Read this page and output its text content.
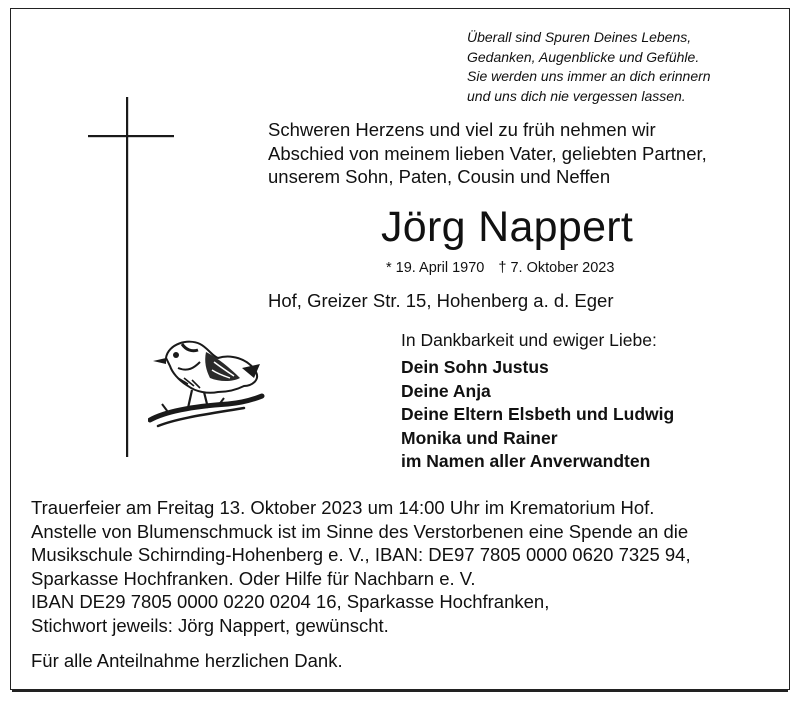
Überall sind Spuren Deines Lebens,
Gedanken, Augenblicke und Gefühle.
Sie werden uns immer an dich erinnern
und uns dich nie vergessen lassen.
Schweren Herzens und viel zu früh nehmen wir
Abschied von meinem lieben Vater, geliebten Partner,
unserem Sohn, Paten, Cousin und Neffen
Jörg Nappert
* 19. April 1970 † 7. Oktober 2023
Hof, Greizer Str. 15, Hohenberg a. d. Eger
In Dankbarkeit und ewiger Liebe:
Dein Sohn Justus
Deine Anja
Deine Eltern Elsbeth und Ludwig
Monika und Rainer
im Namen aller Anverwandten
Trauerfeier am Freitag 13. Oktober 2023 um 14:00 Uhr im Krematorium Hof.
Anstelle von Blumenschmuck ist im Sinne des Verstorbenen eine Spende an die
Musikschule Schirnding-Hohenberg e. V., IBAN: DE97 7805 0000 0620 7325 94,
Sparkasse Hochfranken. Oder Hilfe für Nachbarn e. V.
IBAN DE29 7805 0000 0220 0204 16, Sparkasse Hochfranken,
Stichwort jeweils: Jörg Nappert, gewünscht.
Für alle Anteilnahme herzlichen Dank.
